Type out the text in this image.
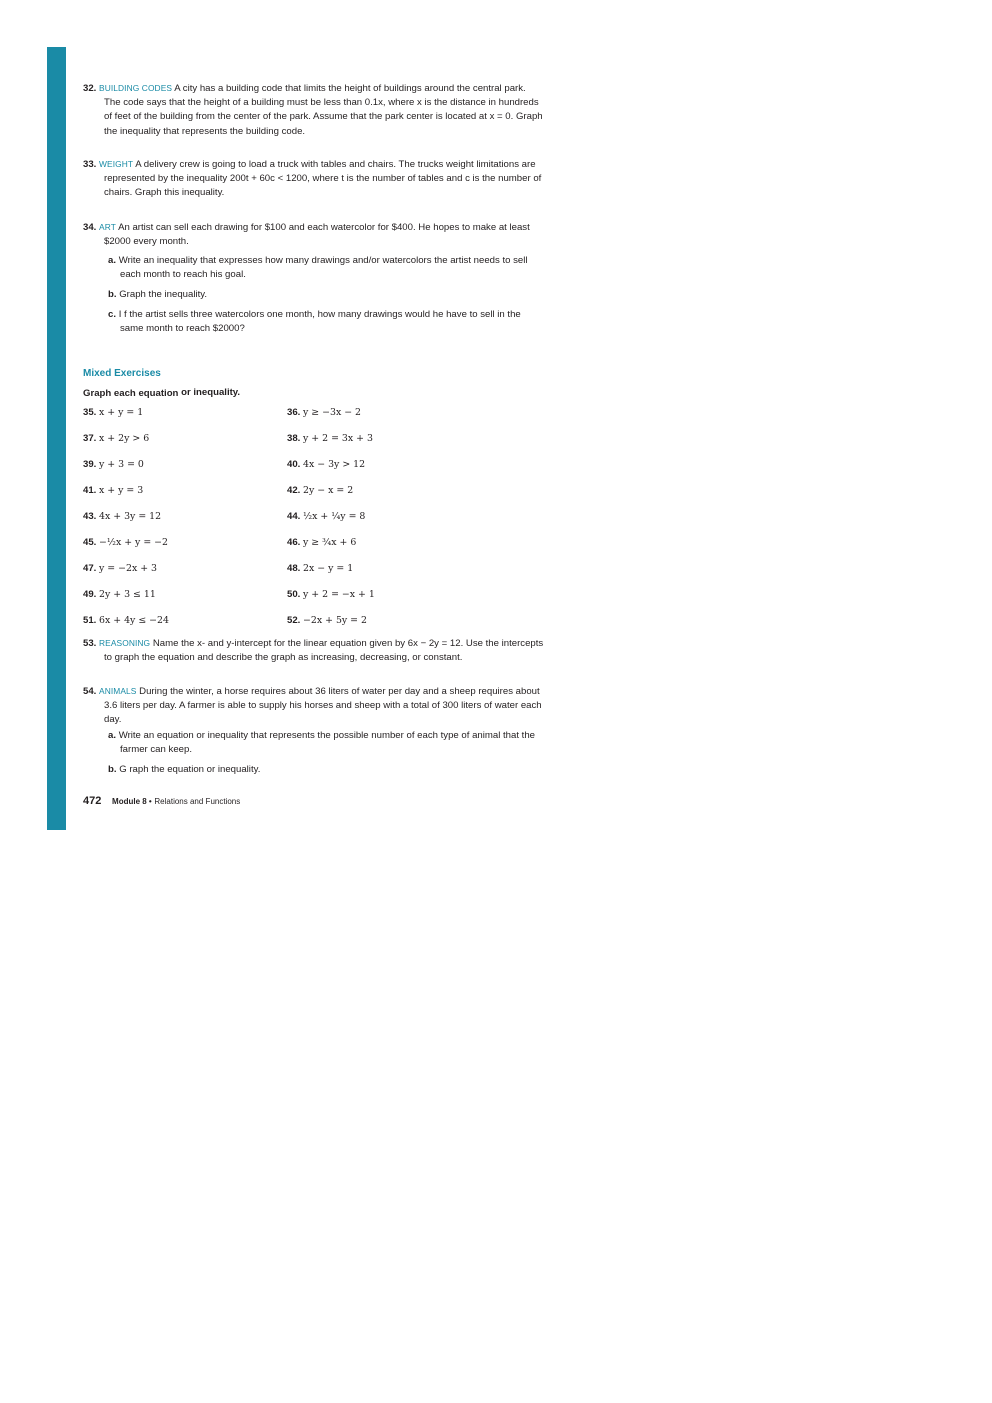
32. BUILDING CODES A city has a building code that limits the height of buildings around the central park. The code says that the height of a building must be less than 0.1x, where x is the distance in hundreds of feet of the building from the center of the park. Assume that the park center is located at x = 0. Graph the inequality that represents the building code.
33. WEIGHT A delivery crew is going to load a truck with tables and chairs. The trucks weight limitations are represented by the inequality 200t + 60c < 1200, where t is the number of tables and c is the number of chairs. Graph this inequality.
34. ART An artist can sell each drawing for $100 and each watercolor for $400. He hopes to make at least $2000 every month.
a. Write an inequality that expresses how many drawings and/or watercolors the artist needs to sell each month to reach his goal.
b. Graph the inequality.
c. I f the artist sells three watercolors one month, how many drawings would he have to sell in the same month to reach $2000?
Mixed Exercises
Graph each equation or inequality.
35. x + y = 1	36. y ≥ −3x − 2
37. x + 2y > 6	38. y + 2 = 3x + 3
39. y + 3 = 0	40. 4x − 3y > 12
41. x + y = 3	42. 2y − x = 2
43. 4x + 3y = 12	44. ½x + ¼y = 8
45. −½x + y = −2	46. y ≥ ¾x + 6
47. y = −2x + 3	48. 2x − y = 1
49. 2y + 3 ≤ 11	50. y + 2 = −x + 1
51. 6x + 4y ≤ −24	52. −2x + 5y = 2
53. REASONING Name the x- and y-intercept for the linear equation given by 6x − 2y = 12. Use the intercepts to graph the equation and describe the graph as increasing, decreasing, or constant.
54. ANIMALS During the winter, a horse requires about 36 liters of water per day and a sheep requires about 3.6 liters per day. A farmer is able to supply his horses and sheep with a total of 300 liters of water each day.
a. Write an equation or inequality that represents the possible number of each type of animal that the farmer can keep.
b. G raph the equation or inequality.
472 Module 8 • Relations and Functions
